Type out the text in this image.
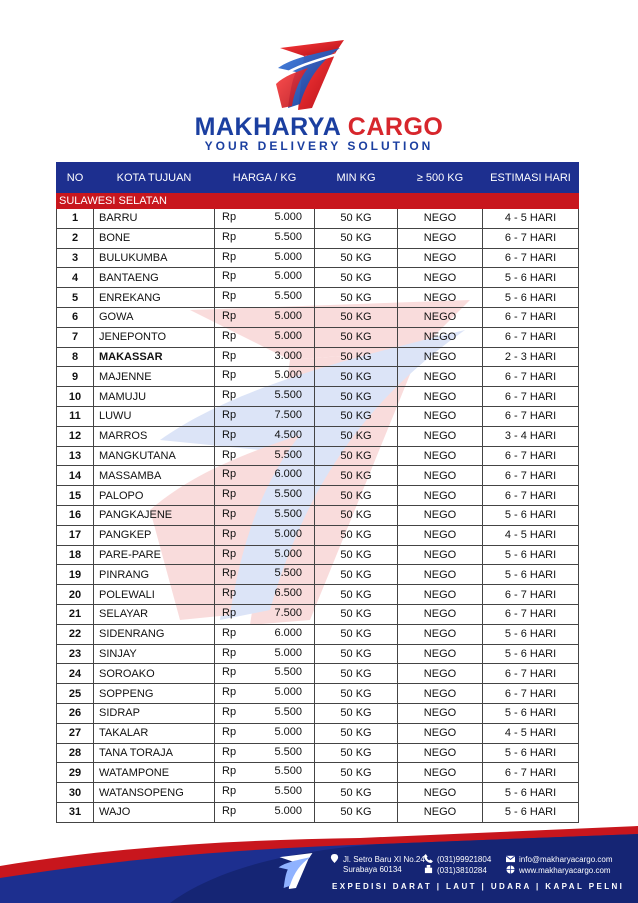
MAKHARYA CARGO
YOUR DELIVERY SOLUTION
NO	KOTA TUJUAN	HARGA / KG	MIN KG	≥ 500 KG	ESTIMASI HARI
SULAWESI SELATAN					
1	BARRU	Rp 5.000	50 KG	NEGO	4 - 5 HARI
2	BONE	Rp 5.500	50 KG	NEGO	6 - 7 HARI
3	BULUKUMBA	Rp 5.000	50 KG	NEGO	6 - 7 HARI
4	BANTAENG	Rp 5.000	50 KG	NEGO	5 - 6 HARI
5	ENREKANG	Rp 5.500	50 KG	NEGO	5 - 6 HARI
6	GOWA	Rp 5.000	50 KG	NEGO	6 - 7 HARI
7	JENEPONTO	Rp 5.000	50 KG	NEGO	6 - 7 HARI
8	MAKASSAR	Rp 3.000	50 KG	NEGO	2 - 3 HARI
9	MAJENNE	Rp 5.000	50 KG	NEGO	6 - 7 HARI
10	MAMUJU	Rp 5.500	50 KG	NEGO	6 - 7 HARI
11	LUWU	Rp 7.500	50 KG	NEGO	6 - 7 HARI
12	MARROS	Rp 4.500	50 KG	NEGO	3 - 4 HARI
13	MANGKUTANA	Rp 5.500	50 KG	NEGO	6 - 7 HARI
14	MASSAMBA	Rp 6.000	50 KG	NEGO	6 - 7 HARI
15	PALOPO	Rp 5.500	50 KG	NEGO	6 - 7 HARI
16	PANGKAJENE	Rp 5.500	50 KG	NEGO	5 - 6 HARI
17	PANGKEP	Rp 5.000	50 KG	NEGO	4 - 5 HARI
18	PARE-PARE	Rp 5.000	50 KG	NEGO	5 - 6 HARI
19	PINRANG	Rp 5.500	50 KG	NEGO	5 - 6 HARI
20	POLEWALI	Rp 6.500	50 KG	NEGO	6 - 7 HARI
21	SELAYAR	Rp 7.500	50 KG	NEGO	6 - 7 HARI
22	SIDENRANG	Rp 6.000	50 KG	NEGO	5 - 6 HARI
23	SINJAY	Rp 5.000	50 KG	NEGO	5 - 6 HARI
24	SOROAKO	Rp 5.500	50 KG	NEGO	6 - 7 HARI
25	SOPPENG	Rp 5.000	50 KG	NEGO	6 - 7 HARI
26	SIDRAP	Rp 5.500	50 KG	NEGO	5 - 6 HARI
27	TAKALAR	Rp 5.000	50 KG	NEGO	4 - 5 HARI
28	TANA TORAJA	Rp 5.500	50 KG	NEGO	5 - 6 HARI
29	WATAMPONE	Rp 5.500	50 KG	NEGO	6 - 7 HARI
30	WATANSOPENG	Rp 5.500	50 KG	NEGO	5 - 6 HARI
31	WAJO	Rp 5.000	50 KG	NEGO	5 - 6 HARI
Jl. Setro Baru XI No.24
Surabaya 60134
(031)99921804
(031)3810284
info@makharyacargo.com
www.makharyacargo.com
EXPEDISI DARAT | LAUT | UDARA | KAPAL PELNI
